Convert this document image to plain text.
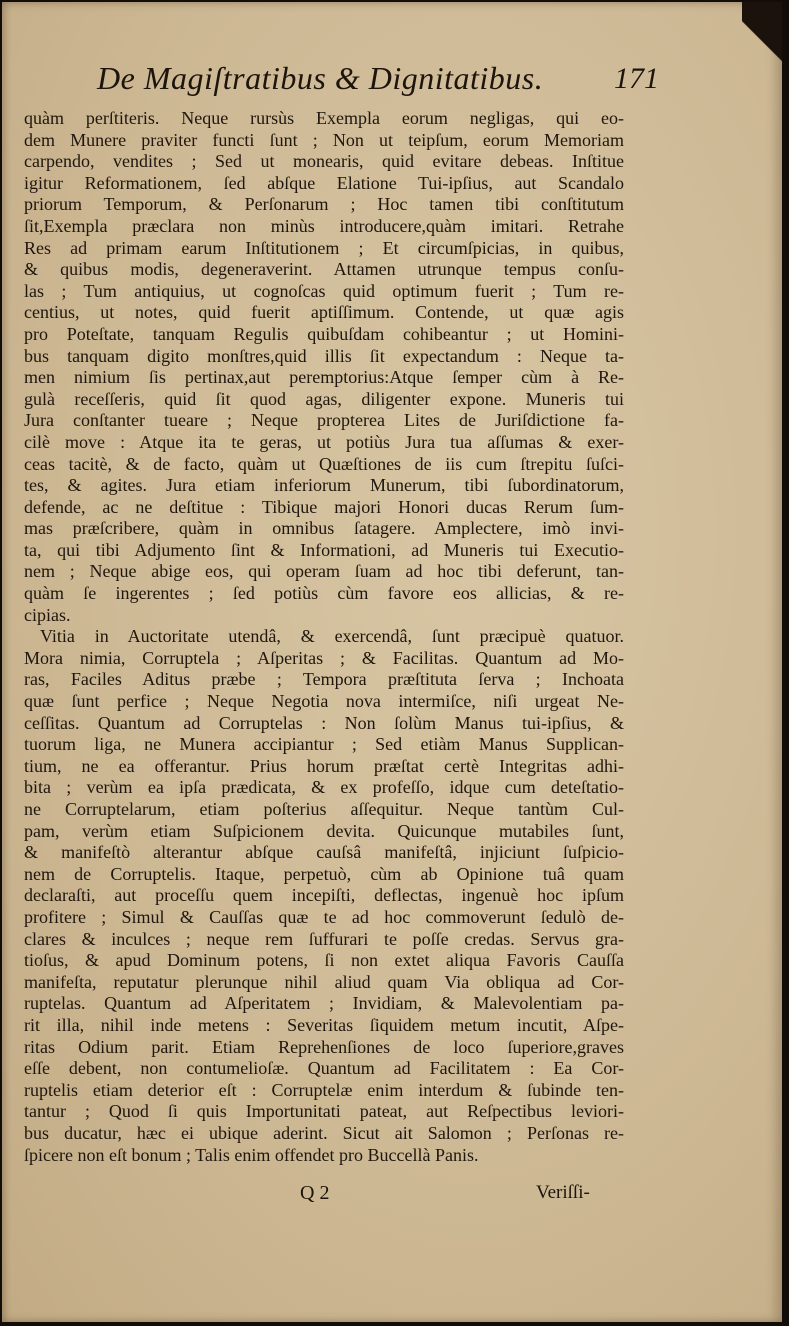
De Magiſtratibus & Dignitatibus. 171
quàm perſtiteris. Neque rursùs Exempla eorum negligas, qui eo-
dem Munere praviter functi ſunt ; Non ut teipſum, eorum Memoriam
carpendo, vendites ; Sed ut monearis, quid evitare debeas. Inſtitue
igitur Reformationem, ſed abſque Elatione Tui-ipſius, aut Scandalo
priorum Temporum, & Perſonarum ; Hoc tamen tibi conſtitutum
ſit,Exempla præclara non minùs introducere,quàm imitari. Retrahe
Res ad primam earum Inſtitutionem ; Et circumſpicias, in quibus,
& quibus modis, degeneraverint. Attamen utrunque tempus conſu-
las ; Tum antiquius, ut cognoſcas quid optimum fuerit ; Tum re-
centius, ut notes, quid fuerit aptiſſimum. Contende, ut quæ agis
pro Poteſtate, tanquam Regulis quibuſdam cohibeantur ; ut Homini-
bus tanquam digito monſtres,quid illis ſit expectandum : Neque ta-
men nimium ſis pertinax,aut peremptorius:Atque ſemper cùm à Re-
gulà receſſeris, quid ſit quod agas, diligenter expone. Muneris tui
Jura conſtanter tueare ; Neque propterea Lites de Juriſdictione fa-
cilè move : Atque ita te geras, ut potiùs Jura tua aſſumas & exer-
ceas tacitè, & de facto, quàm ut Quæſtiones de iis cum ſtrepitu ſuſci-
tes, & agites. Jura etiam inferiorum Munerum, tibi ſubordinatorum,
defende, ac ne deſtitue : Tibique majori Honori ducas Rerum ſum-
mas præſcribere, quàm in omnibus ſatagere. Amplectere, imò invi-
ta, qui tibi Adjumento ſint & Informationi, ad Muneris tui Executio-
nem ; Neque abige eos, qui operam ſuam ad hoc tibi deferunt, tan-
quàm ſe ingerentes ; ſed potiùs cùm favore eos allicias, & re-
cipias.
Vitia in Auctoritate utendâ, & exercendâ, ſunt præcipuè quatuor.
Mora nimia, Corruptela ; Aſperitas ; & Facilitas. Quantum ad Mo-
ras, Faciles Aditus præbe ; Tempora præſtituta ſerva ; Inchoata
quæ ſunt perfice ; Neque Negotia nova intermiſce, niſi urgeat Ne-
ceſſitas. Quantum ad Corruptelas : Non ſolùm Manus tui-ipſius, &
tuorum liga, ne Munera accipiantur ; Sed etiàm Manus Supplican-
tium, ne ea offerantur. Prius horum præſtat certè Integritas adhi-
bita ; verùm ea ipſa prædicata, & ex profeſſo, idque cum deteſtatio-
ne Corruptelarum, etiam poſterius aſſequitur. Neque tantùm Cul-
pam, verùm etiam Suſpicionem devita. Quicunque mutabiles ſunt,
& manifeſtò alterantur abſque cauſsâ manifeſtâ, injiciunt ſuſpicio-
nem de Corruptelis. Itaque, perpetuò, cùm ab Opinione tuâ quam
declaraſti, aut proceſſu quem incepiſti, deflectas, ingenuè hoc ipſum
profitere ; Simul & Cauſſas quæ te ad hoc commoverunt ſedulò de-
clares & inculces ; neque rem ſuffurari te poſſe credas. Servus gra-
tioſus, & apud Dominum potens, ſi non extet aliqua Favoris Cauſſa
manifeſta, reputatur plerunque nihil aliud quam Via obliqua ad Cor-
ruptelas. Quantum ad Aſperitatem ; Invidiam, & Malevolentiam pa-
rit illa, nihil inde metens : Severitas ſiquidem metum incutit, Aſpe-
ritas Odium parit. Etiam Reprehenſiones de loco ſuperiore,graves
eſſe debent, non contumelioſæ. Quantum ad Facilitatem : Ea Cor-
ruptelis etiam deterior eſt : Corruptelæ enim interdum & ſubinde ten-
tantur ; Quod ſi quis Importunitati pateat, aut Reſpectibus leviori-
bus ducatur, hæc ei ubique aderint. Sicut ait Salomon ; Perſonas re-
ſpicere non eſt bonum ; Talis enim offendet pro Buccellà Panis.
Q 2	Veriſſi-
